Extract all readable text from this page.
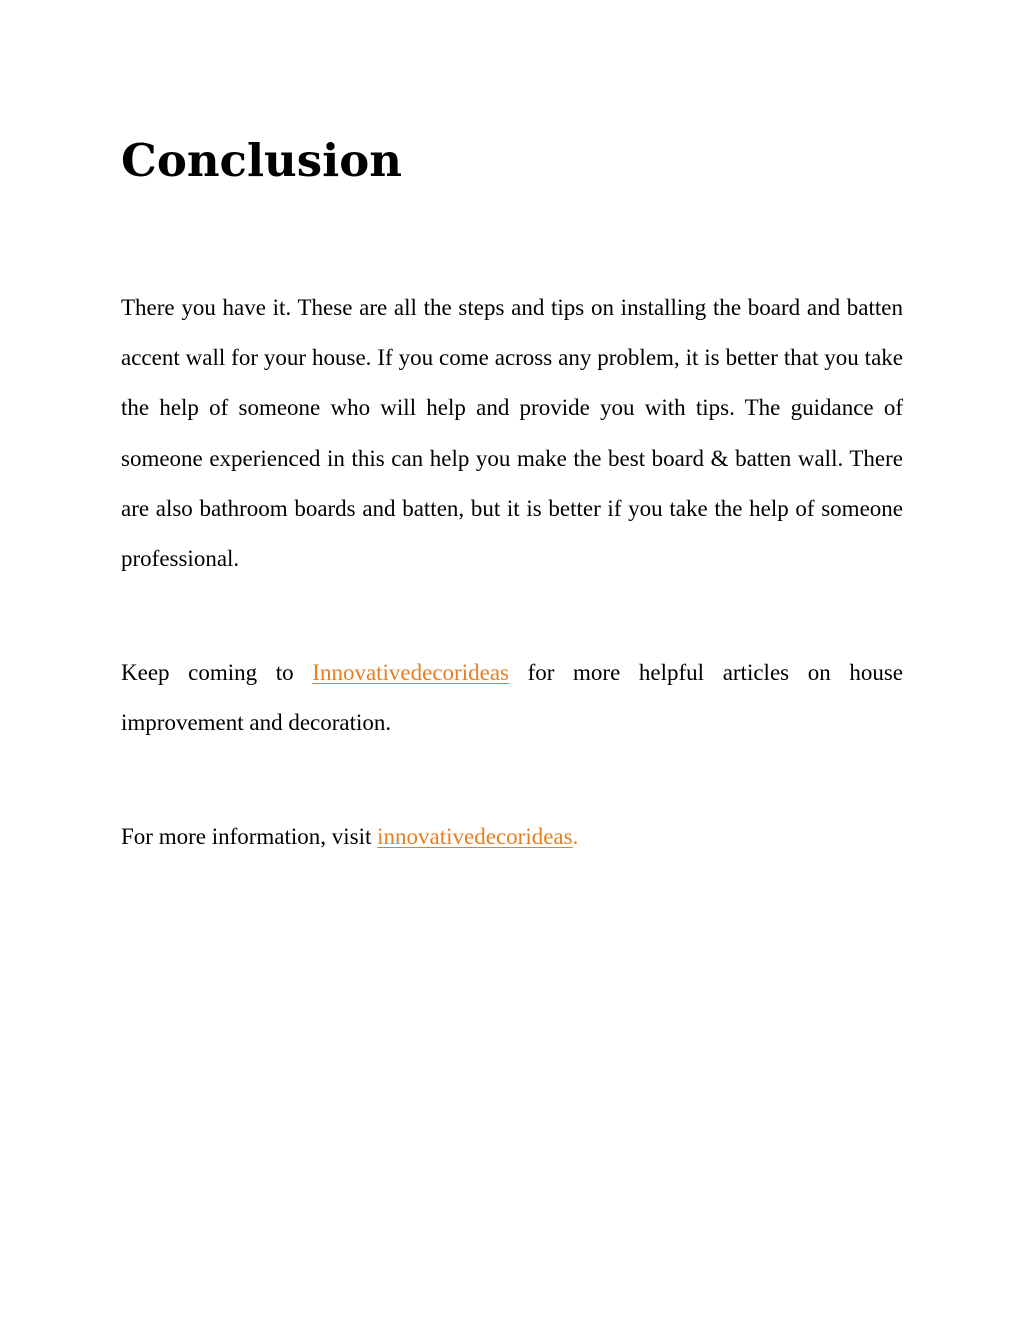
Conclusion

There you have it. These are all the steps and tips on installing the board and batten accent wall for your house. If you come across any problem, it is better that you take the help of someone who will help and provide you with tips. The guidance of someone experienced in this can help you make the best board & batten wall. There are also bathroom boards and batten, but it is better if you take the help of someone professional.

Keep coming to Innovativedecorideas for more helpful articles on house improvement and decoration.

For more information, visit innovativedecorideas.
